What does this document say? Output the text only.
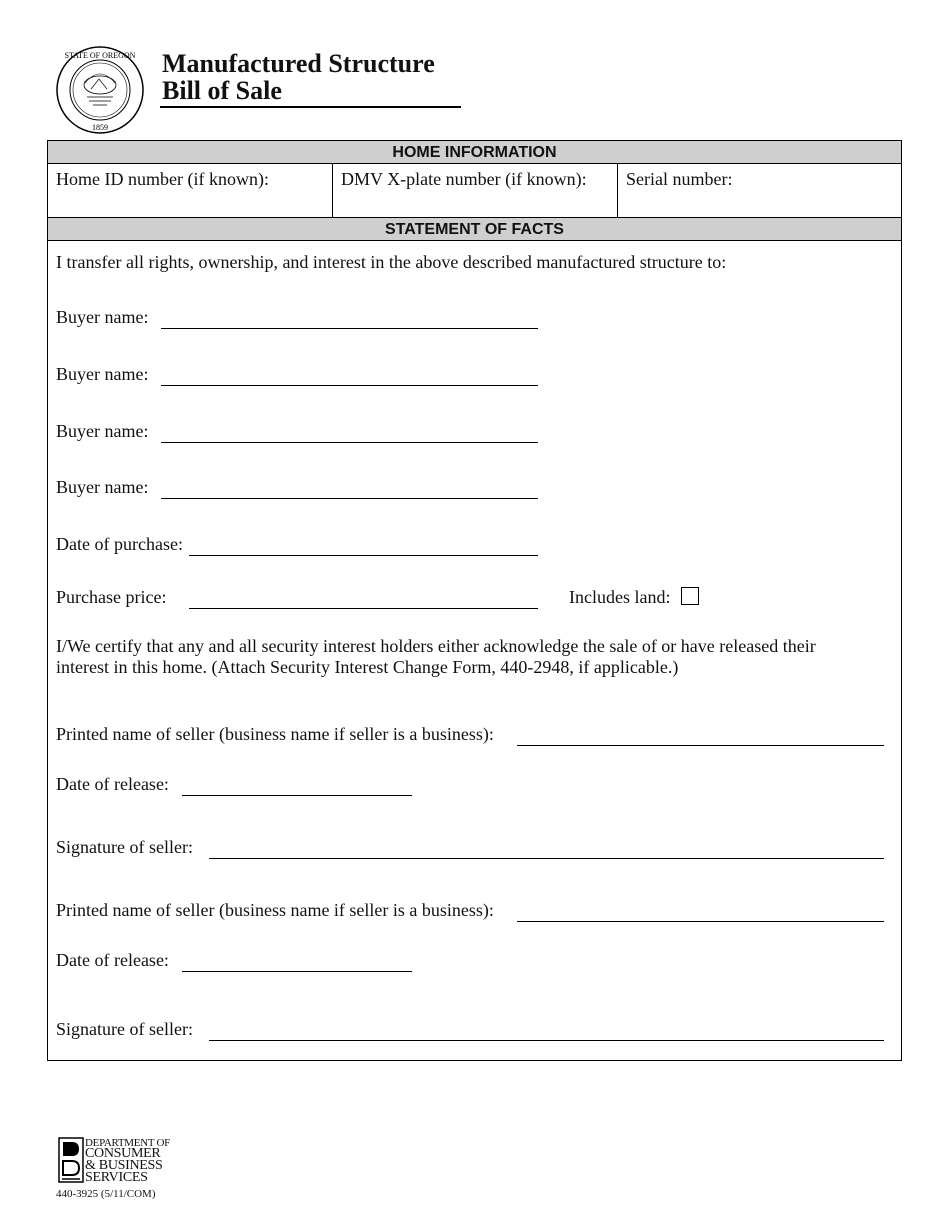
STATE OF OREGON
1859
Manufactured Structure
Bill of Sale
HOME INFORMATION
Home ID number (if known):	DMV X-plate number (if known):	Serial number:
STATEMENT OF FACTS
I transfer all rights, ownership, and interest in the above described manufactured structure to:
Buyer name:
Buyer name:
Buyer name:
Buyer name:
Date of purchase:
Purchase price:	Includes land:
I/We certify that any and all security interest holders either acknowledge the sale of or have released their interest in this home. (Attach Security Interest Change Form, 440-2948, if applicable.)
Printed name of seller (business name if seller is a business):
Date of release:
Signature of seller:
Printed name of seller (business name if seller is a business):
Date of release:
Signature of seller:
DEPARTMENT OF
CONSUMER
& BUSINESS
SERVICES
440-3925 (5/11/COM)
